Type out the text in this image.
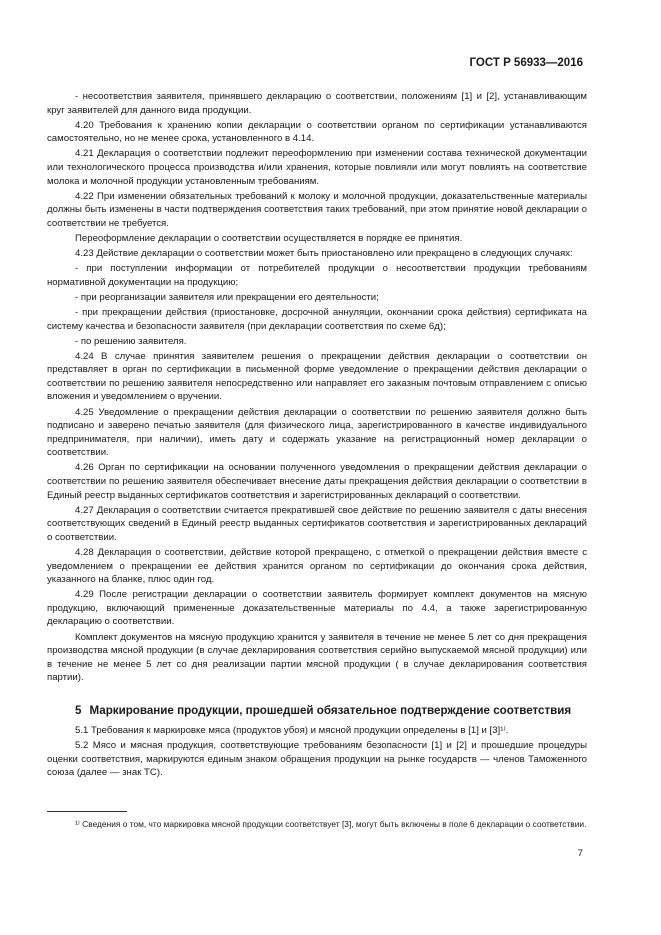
ГОСТ Р 56933—2016

- несоответствия заявителя, принявшего декларацию о соответствии, положениям [1] и [2], устанавливающим круг заявителей для данного вида продукции.

4.20 Требования к хранению копии декларации о соответствии органом по сертификации устанавливаются самостоятельно, но не менее срока, установленного в 4.14.

4.21 Декларация о соответствии подлежит переоформлению при изменении состава технической документации или технологического процесса производства и/или хранения, которые повлияли или могут повлиять на соответствие молока и молочной продукции установленным требованиям.

4.22 При изменении обязательных требований к молоку и молочной продукции, доказательственные материалы должны быть изменены в части подтверждения соответствия таких требований, при этом принятие новой декларации о соответствии не требуется.

Переоформление декларации о соответствии осуществляется в порядке ее принятия.

4.23 Действие декларации о соответствии может быть приостановлено или прекращено в следующих случаях:

- при поступлении информации от потребителей продукции о несоответствии продукции требованиям нормативной документации на продукцию;

- при реорганизации заявителя или прекращении его деятельности;

- при прекращении действия (приостановке, досрочной аннуляции, окончании срока действия) сертификата на систему качества и безопасности заявителя (при декларации соответствия по схеме 6д);

- по решению заявителя.

4.24 В случае принятия заявителем решения о прекращении действия декларации о соответствии он представляет в орган по сертификации в письменной форме уведомление о прекращении действия декларации о соответствии по решению заявителя непосредственно или направляет его заказным почтовым отправлением с описью вложения и уведомлением о вручении.

4.25 Уведомление о прекращении действия декларации о соответствии по решению заявителя должно быть подписано и заверено печатью заявителя (для физического лица, зарегистрированного в качестве индивидуального предпринимателя, при наличии), иметь дату и содержать указание на регистрационный номер декларации о соответствии.

4.26 Орган по сертификации на основании полученного уведомления о прекращении действия декларации о соответствии по решению заявителя обеспечивает внесение даты прекращения действия декларации о соответствии в Единый реестр выданных сертификатов соответствия и зарегистрированных деклараций о соответствии.

4.27 Декларация о соответствии считается прекратившей свое действие по решению заявителя с даты внесения соответствующих сведений в Единый реестр выданных сертификатов соответствия и зарегистрированных деклараций о соответствии.

4.28 Декларация о соответствии, действие которой прекращено, с отметкой о прекращении действия вместе с уведомлением о прекращении ее действия хранится органом по сертификации до окончания срока действия, указанного на бланке, плюс один год.

4.29 После регистрации декларации о соответствии заявитель формирует комплект документов на мясную продукцию, включающий примененные доказательственные материалы по 4.4, а также зарегистрированную декларацию о соответствии.

Комплект документов на мясную продукцию хранится у заявителя в течение не менее 5 лет со дня прекращения производства мясной продукции (в случае декларирования соответствия серийно выпускаемой мясной продукции) или в течение не менее 5 лет со дня реализации партии мясной продукции ( в случае декларирования соответствия партии).

5 Маркирование продукции, прошедшей обязательное подтверждение соответствия

5.1 Требования к маркировке мяса (продуктов убоя) и мясной продукции определены в [1] и [3]¹⁾.

5.2 Мясо и мясная продукция, соответствующие требованиям безопасности [1] и [2] и прошедшие процедуры оценки соответствия, маркируются единым знаком обращения продукции на рынке государств — членов Таможенного союза (далее — знак ТС).

¹⁾ Сведения о том, что маркировка мясной продукции соответствует [3], могут быть включены в поле 6 декларации о соответствии.
7
